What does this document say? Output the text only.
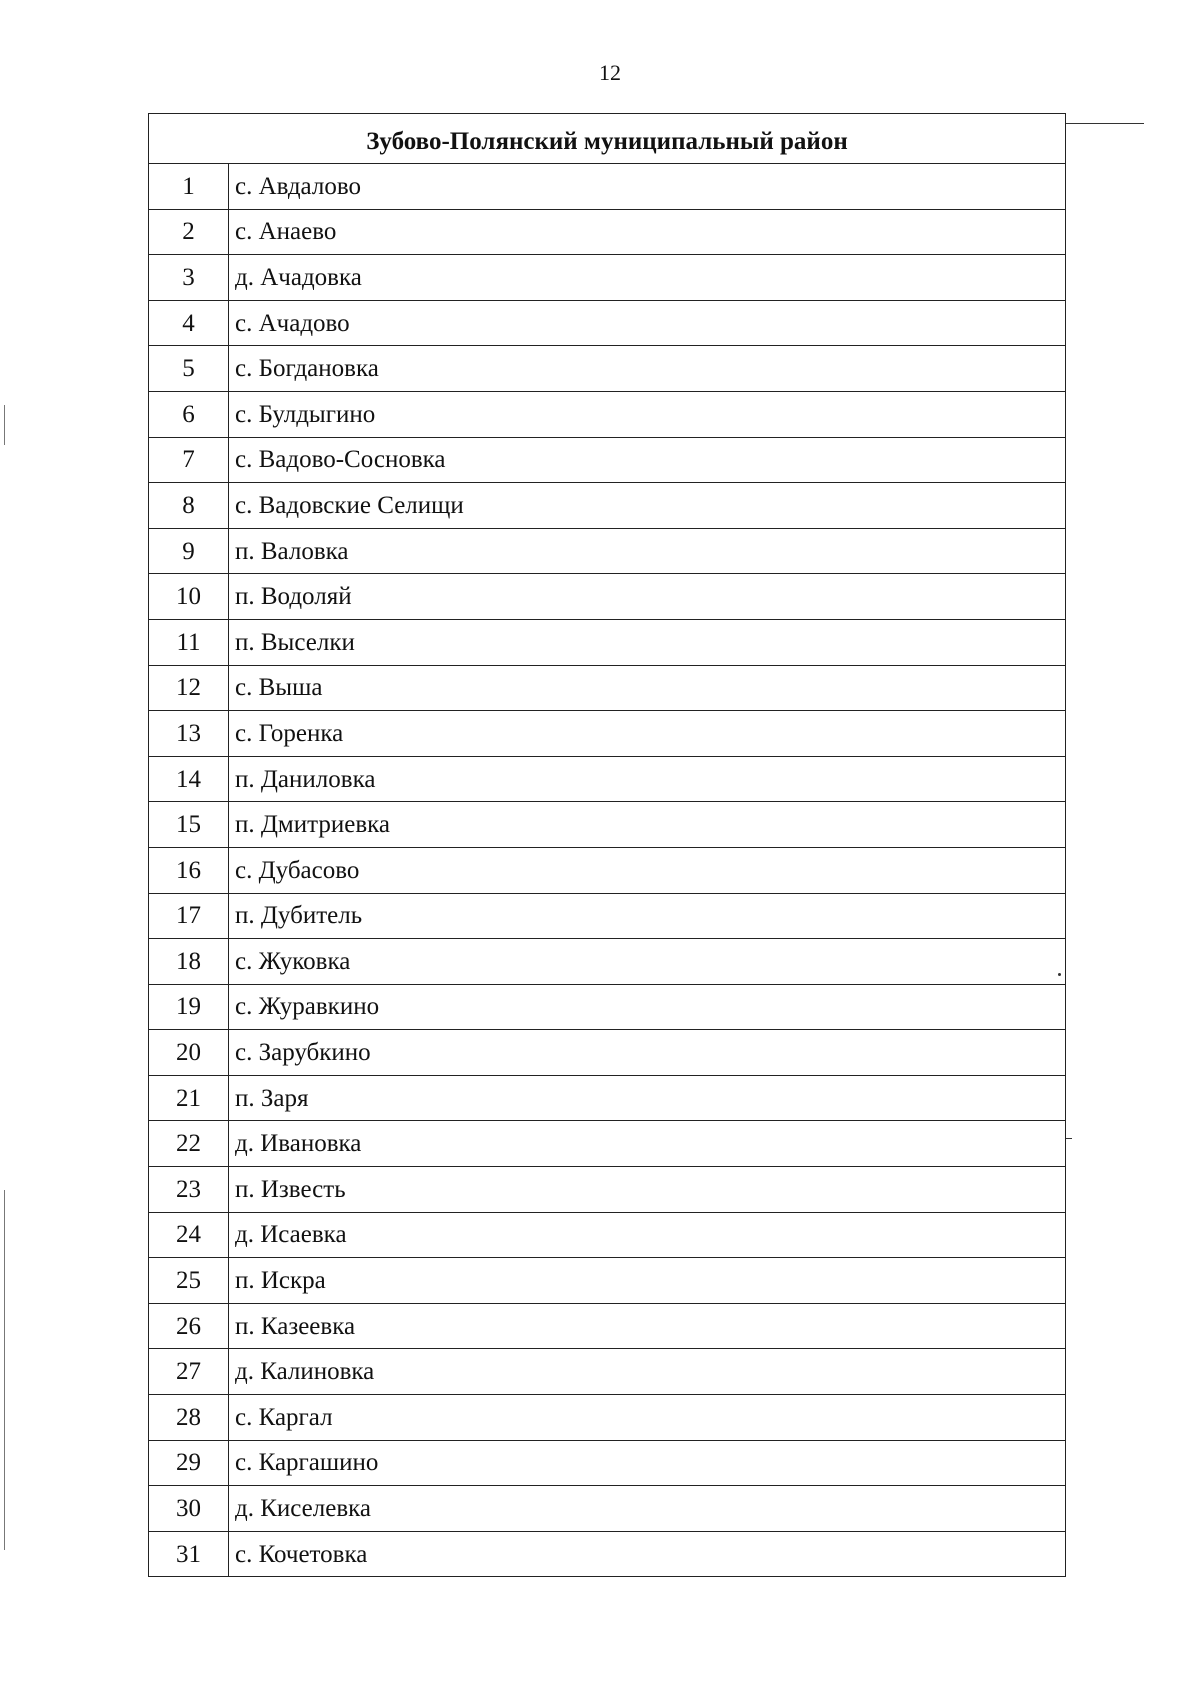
12
Зубово-Полянский муниципальный район	
1	с. Авдалово
2	с. Анаево
3	д. Ачадовка
4	с. Ачадово
5	с. Богдановка
6	с. Булдыгино
7	с. Вадово-Сосновка
8	с. Вадовские Селищи
9	п. Валовка
10	п. Водоляй
11	п. Выселки
12	с. Выша
13	с. Горенка
14	п. Даниловка
15	п. Дмитриевка
16	с. Дубасово
17	п. Дубитель
18	с. Жуковка
19	с. Журавкино
20	с. Зарубкино
21	п. Заря
22	д. Ивановка
23	п. Известь
24	д. Исаевка
25	п. Искра
26	п. Казеевка
27	д. Калиновка
28	с. Каргал
29	с. Каргашино
30	д. Киселевка
31	с. Кочетовка
